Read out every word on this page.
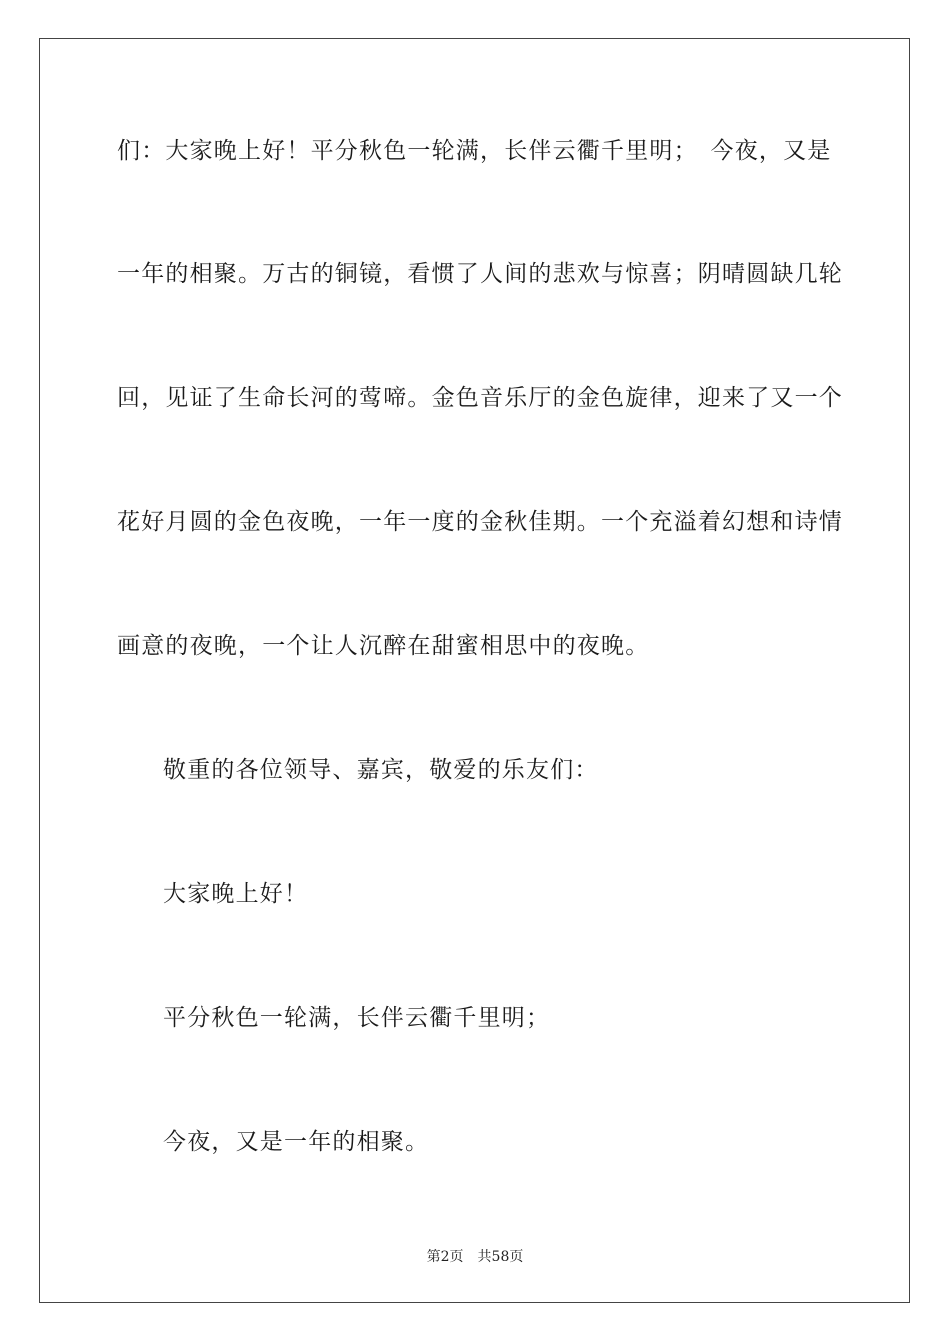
们：大家晚上好！平分秋色一轮满，长伴云衢千里明；　今夜，又是
一年的相聚。万古的铜镜，看惯了人间的悲欢与惊喜；阴晴圆缺几轮
回，见证了生命长河的莺啼。金色音乐厅的金色旋律，迎来了又一个
花好月圆的金色夜晚，一年一度的金秋佳期。一个充溢着幻想和诗情
画意的夜晚，一个让人沉醉在甜蜜相思中的夜晚。
敬重的各位领导、嘉宾，敬爱的乐友们：
大家晚上好！
平分秋色一轮满，长伴云衢千里明；
今夜，又是一年的相聚。
第2页 共58页
